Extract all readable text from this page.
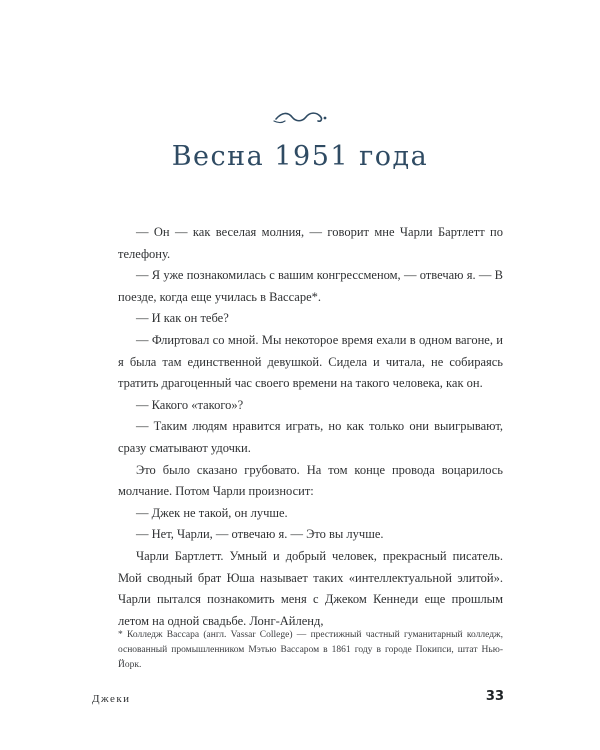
Весна 1951 года

— Он — как веселая молния, — говорит мне Чарли Бартлетт по телефону.

— Я уже познакомилась с вашим конгрессменом, — отвечаю я. — В поезде, когда еще училась в Вассаре*.

— И как он тебе?

— Флиртовал со мной. Мы некоторое время ехали в одном вагоне, и я была там единственной девушкой. Сидела и читала, не собираясь тратить драгоценный час своего времени на такого человека, как он.

— Какого «такого»?

— Таким людям нравится играть, но как только они выигрывают, сразу сматывают удочки.

Это было сказано грубовато. На том конце провода воцарилось молчание. Потом Чарли произносит:

— Джек не такой, он лучше.

— Нет, Чарли, — отвечаю я. — Это вы лучше.

Чарли Бартлетт. Умный и добрый человек, прекрасный писатель. Мой сводный брат Юша называет таких «интеллектуальной элитой». Чарли пытался познакомить меня с Джеком Кеннеди еще прошлым летом на одной свадьбе. Лонг-Айленд,

* Колледж Вассара (англ. Vassar College) — престижный частный гуманитарный колледж, основанный промышленником Мэтью Вассаром в 1861 году в городе Покипси, штат Нью-Йорк.

Джеки	33
